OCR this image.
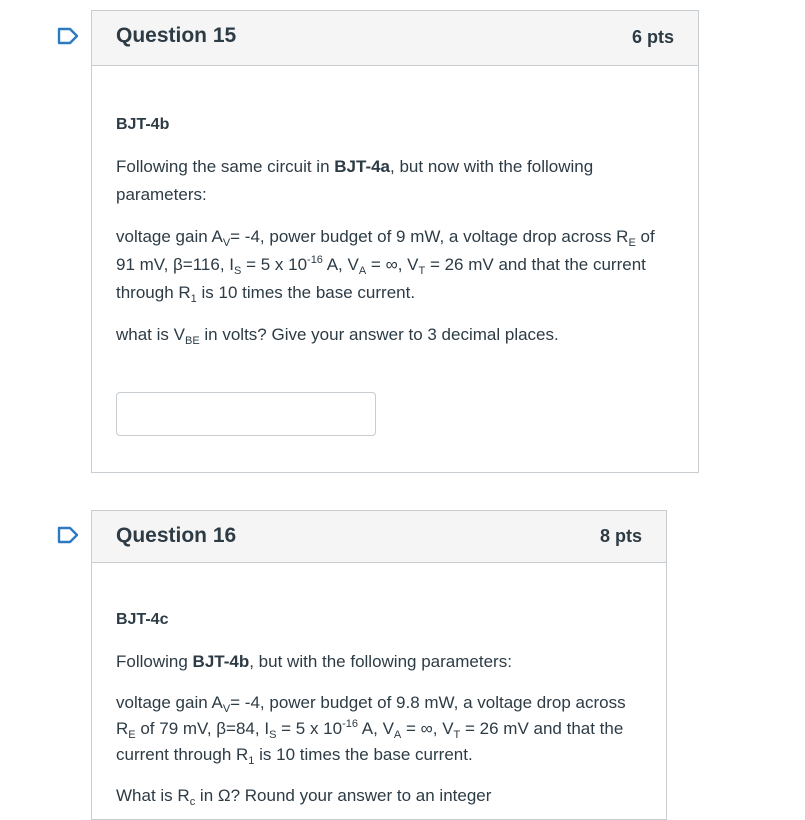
Question 15	6 pts

BJT-4b

Following the same circuit in BJT-4a, but now with the following parameters:

voltage gain $A_V= -4$, power budget of 9 mW, a voltage drop across $R_E$ of 91 mV, β=116, $I_S = 5$ x $10^{-16}$ A, $V_A$ = ∞, $V_T = 26$ mV and that the current through $R_1$ is 10 times the base current.

what is $V_{BE}$ in volts? Give your answer to 3 decimal places.

Question 16	8 pts

BJT-4c

Following BJT-4b, but with the following parameters:

voltage gain $A_V= -4$, power budget of 9.8 mW, a voltage drop across $R_E$ of 79 mV, β=84, $I_S = 5$ x $10^{-16}$ A, $V_A$ = ∞, $V_T = 26$ mV and that the current through $R_1$ is 10 times the base current.

What is $R_c$ in Ω? Round your answer to an integer
